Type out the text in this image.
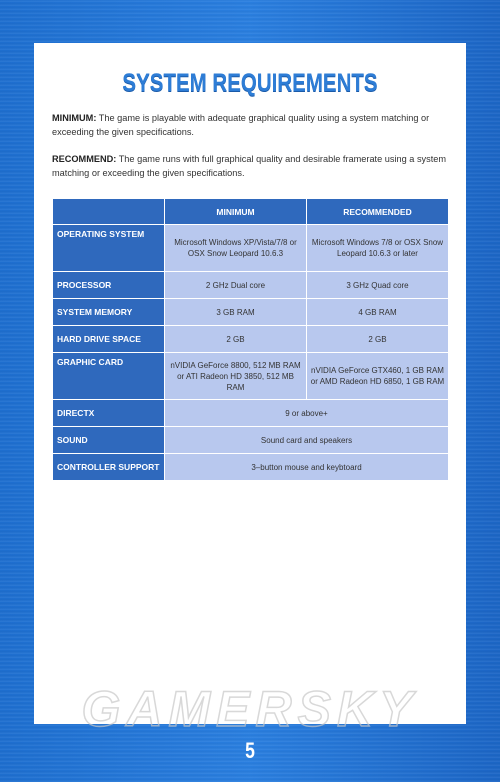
SYSTEM REQUIREMENTS
MINIMUM: The game is playable with adequate graphical quality using a system matching or exceeding the given specifications.
RECOMMEND: The game runs with full graphical quality and desirable framerate using a system matching or exceeding the given specifications.
	MINIMUM	RECOMMENDED
OPERATING SYSTEM	Microsoft Windows XP/Vista/7/8 or OSX Snow Leopard 10.6.3	Microsoft Windows 7/8 or OSX Snow Leopard 10.6.3 or later
PROCESSOR	2 GHz Dual core	3 GHz Quad core
SYSTEM MEMORY	3 GB RAM	4 GB RAM
HARD DRIVE SPACE	2 GB	2 GB
GRAPHIC CARD	nVIDIA GeForce 8800, 512 MB RAM or ATI Radeon HD 3850, 512 MB RAM	nVIDIA GeForce GTX460, 1 GB RAM or AMD Radeon HD 6850, 1 GB RAM
DIRECTX	9 or above+	
SOUND	Sound card and speakers	
CONTROLLER SUPPORT	3–button mouse and keybtoard	
GAMERSKY
5
